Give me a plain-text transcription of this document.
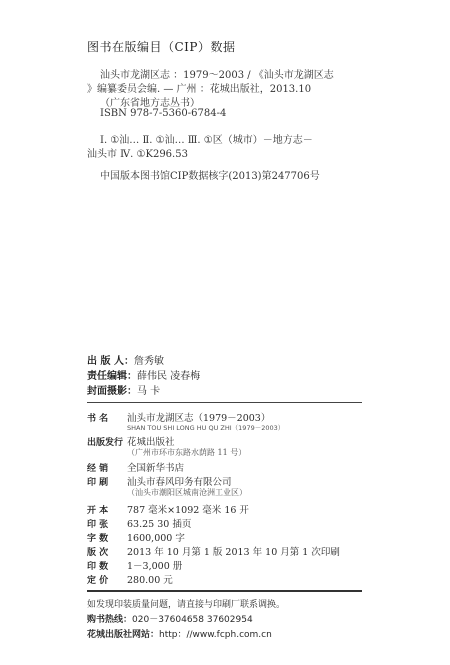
图书在版编目（CIP）数据
汕头市龙湖区志 ：1979～2003 / 《汕头市龙湖区志
》编纂委员会编. — 广州 ：花城出版社，2013.10
（广东省地方志丛书）
ISBN 978-7-5360-6784-4
Ⅰ. ①汕… Ⅱ. ①汕… Ⅲ. ①区（城市）－地方志－
汕头市 Ⅳ. ①K296.53
中国版本图书馆CIP数据核字(2013)第247706号
出 版 人：詹秀敏
责任编辑：薛伟民 凌春梅
封面摄影：马 卡
书 名 汕头市龙湖区志（1979－2003）
SHAN TOU SHI LONG HU QU ZHI（1979－2003）
出版发行 花城出版社
（广州市环市东路水荫路 11 号）
经 销 全国新华书店
印 刷 汕头市春风印务有限公司
（汕头市潮阳区城南沧洲工业区）
开 本 787 毫米×1092 毫米 16 开
印 张 63.25 30 插页
字 数 1600,000 字
版 次 2013 年 10 月第 1 版 2013 年 10 月第 1 次印刷
印 数 1－3,000 册
定 价 280.00 元
如发现印装质量问题，请直接与印刷厂联系调换。
购书热线：020－37604658 37602954
花城出版社网站：http：//www.fcph.com.cn
